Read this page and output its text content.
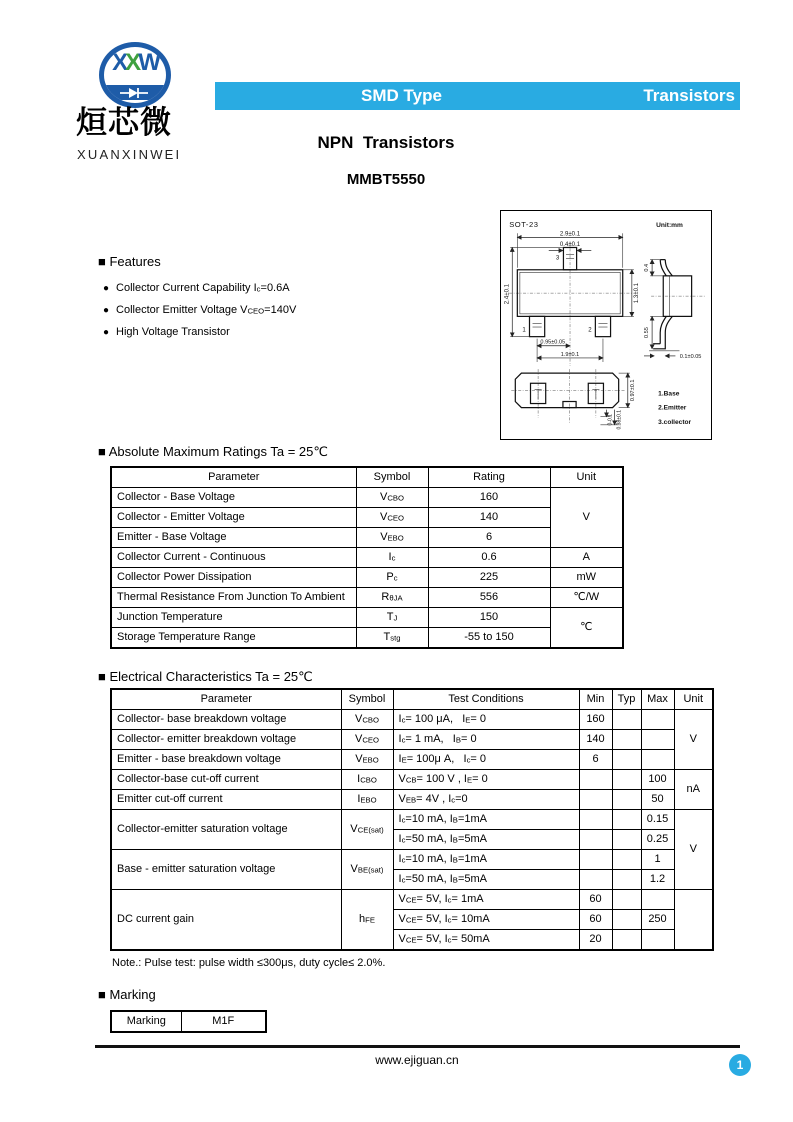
XXW
烜芯微
XUANXINWEI
SMD Type	Transistors
NPN  Transistors
MMBT5550
■ Features
● Collector Current Capability $I_c=0.6A$
● Collector Emitter Voltage $V_{CEO}=140V$
● High Voltage Transistor
SOT-23	Unit:mm
3
1	2
2.9±0.1
0.4±0.1
2.4±0.1	1.3±0.1
0.95±0.05
1.9±0.1
0.4
0.55
0.1±0.05
0.97±0.1
0-0.1 0.38±0.1
1.Base
2.Emitter
3.collector
■ Absolute Maximum Ratings Ta = 25℃
Parameter	Symbol	Rating	Unit
Collector - Base Voltage	$V_{CBO}$	160	V
Collector - Emitter Voltage	$V_{CEO}$	140	
Emitter - Base Voltage	$V_{EBO}$	6	
Collector Current - Continuous	$I_c$	0.6	A
Collector Power Dissipation	$P_c$	225	mW
Thermal Resistance From Junction To Ambient	$R_{\theta JA}$	556	℃/W
Junction Temperature	$T_J$	150	℃
Storage Temperature Range	$T_{stg}$	-55 to 150	
■ Electrical Characteristics Ta = 25℃
Parameter	Symbol	Test Conditions	Min	Typ	Max	Unit
Collector- base breakdown voltage	$V_{CBO}$	$I_c= 100$ μA,   $I_E= 0$	160			V
Collector- emitter breakdown voltage	$V_{CEO}$	$I_c= 1$ mA,   $I_B= 0$	140			
Emitter - base breakdown voltage	$V_{EBO}$	$I_E= 100\mu$ A,   $I_c= 0$	6			
Collector-base cut-off current	$I_{CBO}$	$V_{CB}= 100$ V , $I_E= 0$			100	nA
Emitter cut-off current	$I_{EBO}$	$V_{EB}= 4V$ , $I_c=0$			50	
Collector-emitter saturation voltage	$V_{CE(sat)}$	$I_c=10$ mA, $I_B=1mA$			0.15	V
		$I_c=50$ mA, $I_B=5mA$			0.25	
Base - emitter saturation voltage	$V_{BE(sat)}$	$I_c=10$ mA, $I_B=1mA$			1	
		$I_c=50$ mA, $I_B=5mA$			1.2	
DC current gain	$h_{FE}$	$V_{CE}= 5V$, $I_c= 1mA$	60			
		$V_{CE}= 5V$, $I_c= 10mA$	60		250	
		$V_{CE}= 5V$, $I_c= 50mA$	20			
Note.: Pulse test: pulse width ≤300μs, duty cycle≤ 2.0%.
■ Marking
Marking	M1F
www.ejiguan.cn	1
